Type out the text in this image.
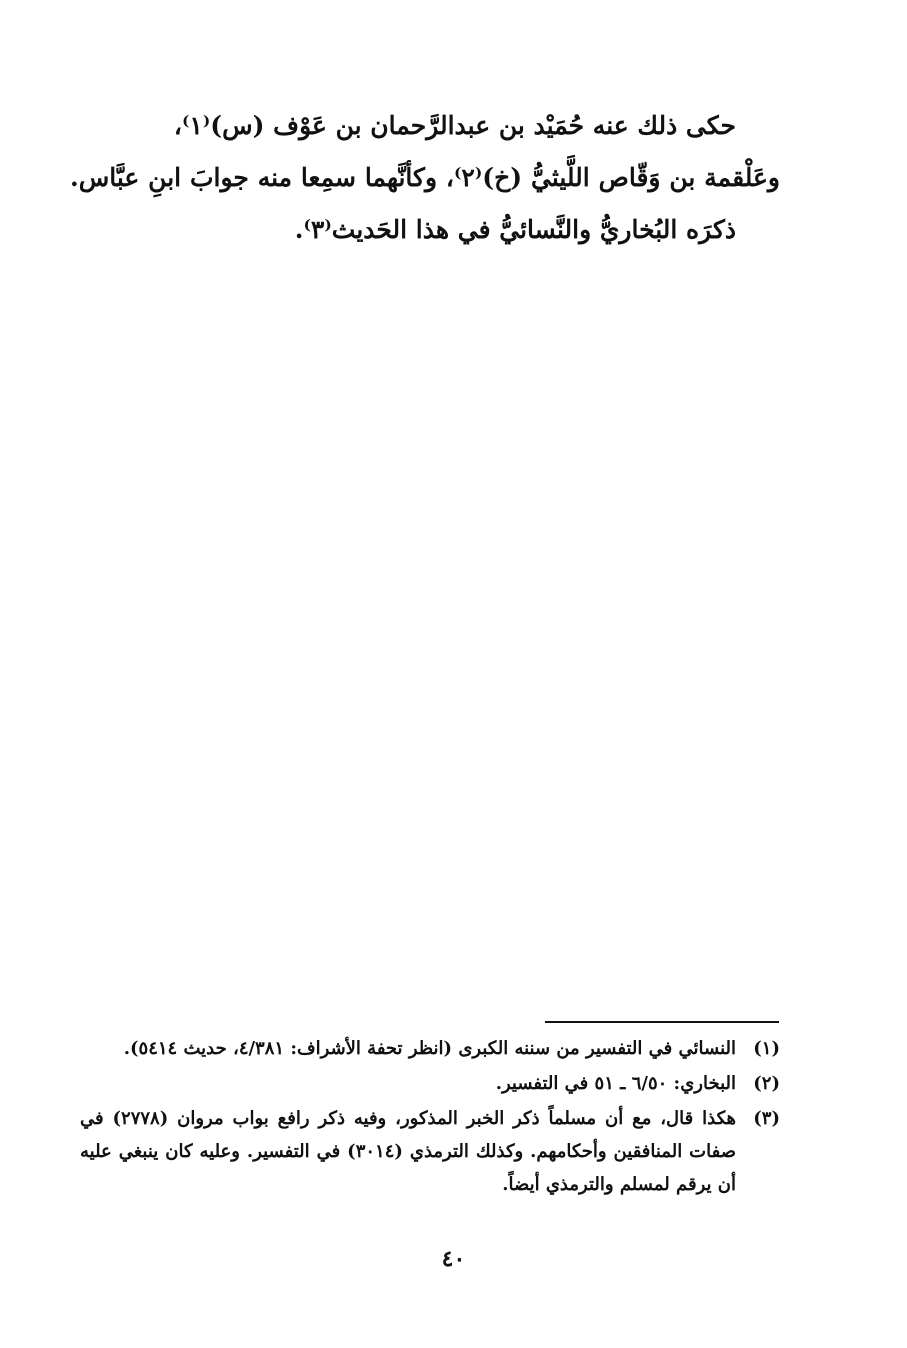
حكى ذلك عنه حُمَيْد بن عبدالرَّحمان بن عَوْف (س)⁽١⁾،

وعَلْقمة بن وَقّاص اللَّيثيُّ (خ)⁽٢⁾، وكأنَّهما سمِعا منه جوابَ ابنِ عبَّاس.

ذكرَه البُخاريُّ والنَّسائيُّ في هذا الحَديث⁽٣⁾.

(١)
النسائي في التفسير من سننه الكبرى (انظر تحفة الأشراف: ٤/٣٨١، حديث ٥٤١٤).
(٢)
البخاري: ٦/٥٠ ـ ٥١ في التفسير.
(٣)
هكذا قال، مع أن مسلماً ذكر الخبر المذكور، وفيه ذكر رافع بواب مروان (٢٧٧٨) في صفات المنافقين وأحكامهم. وكذلك الترمذي (٣٠١٤) في التفسير. وعليه كان ينبغي عليه أن يرقم لمسلم والترمذي أيضاً.
٤٠
